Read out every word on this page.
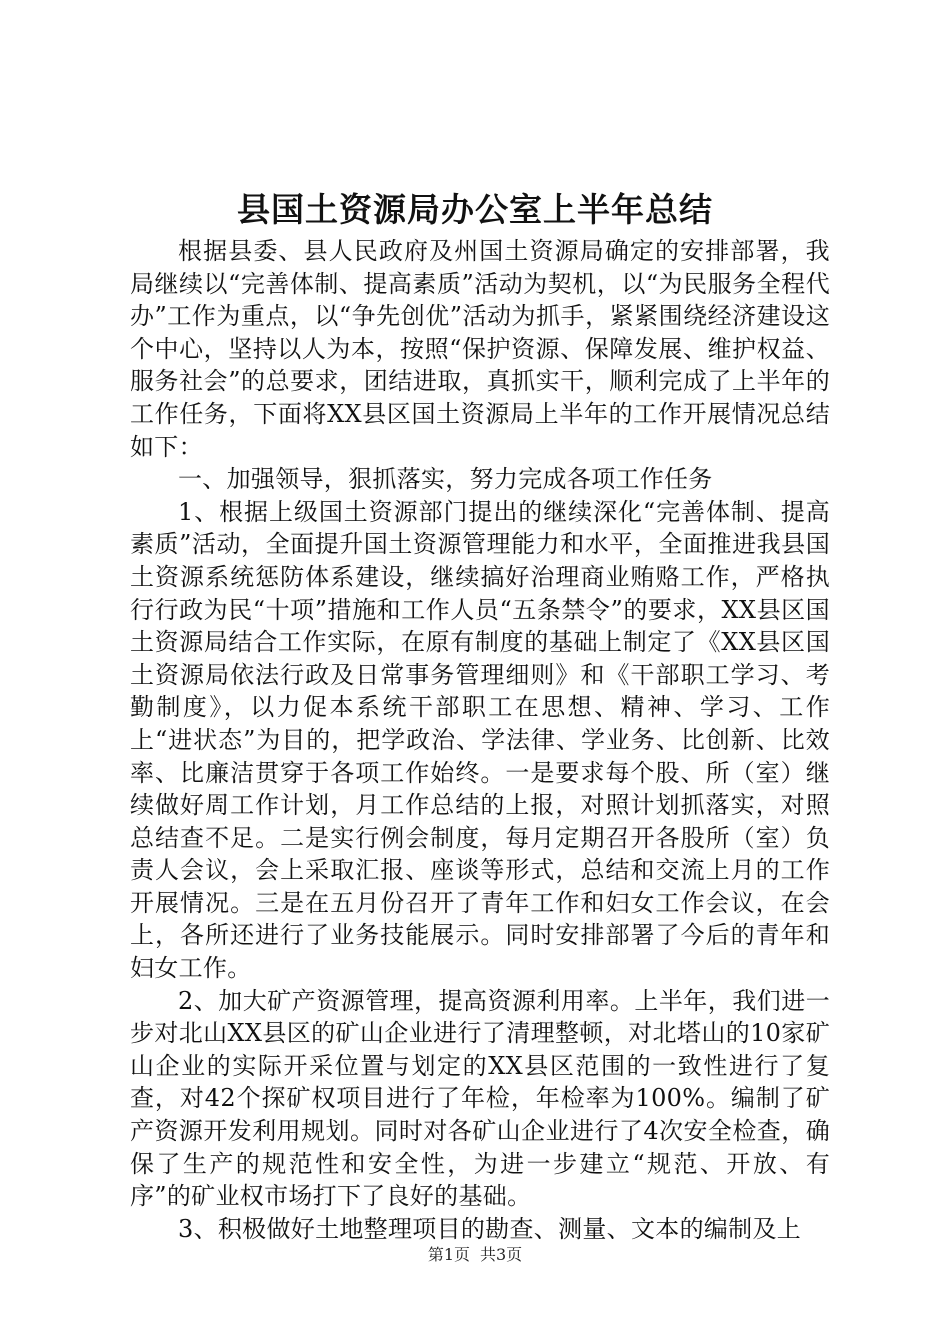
县国土资源局办公室上半年总结

根据县委、县人民政府及州国土资源局确定的安排部署，我局继续以“完善体制、提高素质”活动为契机，以“为民服务全程代办”工作为重点，以“争先创优”活动为抓手，紧紧围绕经济建设这个中心，坚持以人为本，按照“保护资源、保障发展、维护权益、服务社会”的总要求，团结进取，真抓实干，顺利完成了上半年的工作任务，下面将XX县区国土资源局上半年的工作开展情况总结如下：

一、加强领导，狠抓落实，努力完成各项工作任务

1、根据上级国土资源部门提出的继续深化“完善体制、提高素质”活动，全面提升国土资源管理能力和水平，全面推进我县国土资源系统惩防体系建设，继续搞好治理商业贿赂工作，严格执行行政为民“十项”措施和工作人员“五条禁令”的要求，XX县区国土资源局结合工作实际，在原有制度的基础上制定了《XX县区国土资源局依法行政及日常事务管理细则》和《干部职工学习、考勤制度》，以力促本系统干部职工在思想、精神、学习、工作上“进状态”为目的，把学政治、学法律、学业务、比创新、比效率、比廉洁贯穿于各项工作始终。一是要求每个股、所（室）继续做好周工作计划，月工作总结的上报，对照计划抓落实，对照总结查不足。二是实行例会制度，每月定期召开各股所（室）负责人会议，会上采取汇报、座谈等形式，总结和交流上月的工作开展情况。三是在五月份召开了青年工作和妇女工作会议，在会上，各所还进行了业务技能展示。同时安排部署了今后的青年和妇女工作。

2、加大矿产资源管理，提高资源利用率。上半年，我们进一步对北山XX县区的矿山企业进行了清理整顿，对北塔山的10家矿山企业的实际开采位置与划定的XX县区范围的一致性进行了复查，对42个探矿权项目进行了年检，年检率为100%。编制了矿产资源开发利用规划。同时对各矿山企业进行了4次安全检查，确保了生产的规范性和安全性，为进一步建立“规范、开放、有序”的矿业权市场打下了良好的基础。

3、积极做好土地整理项目的勘查、测量、文本的编制及上

第1页 共3页
